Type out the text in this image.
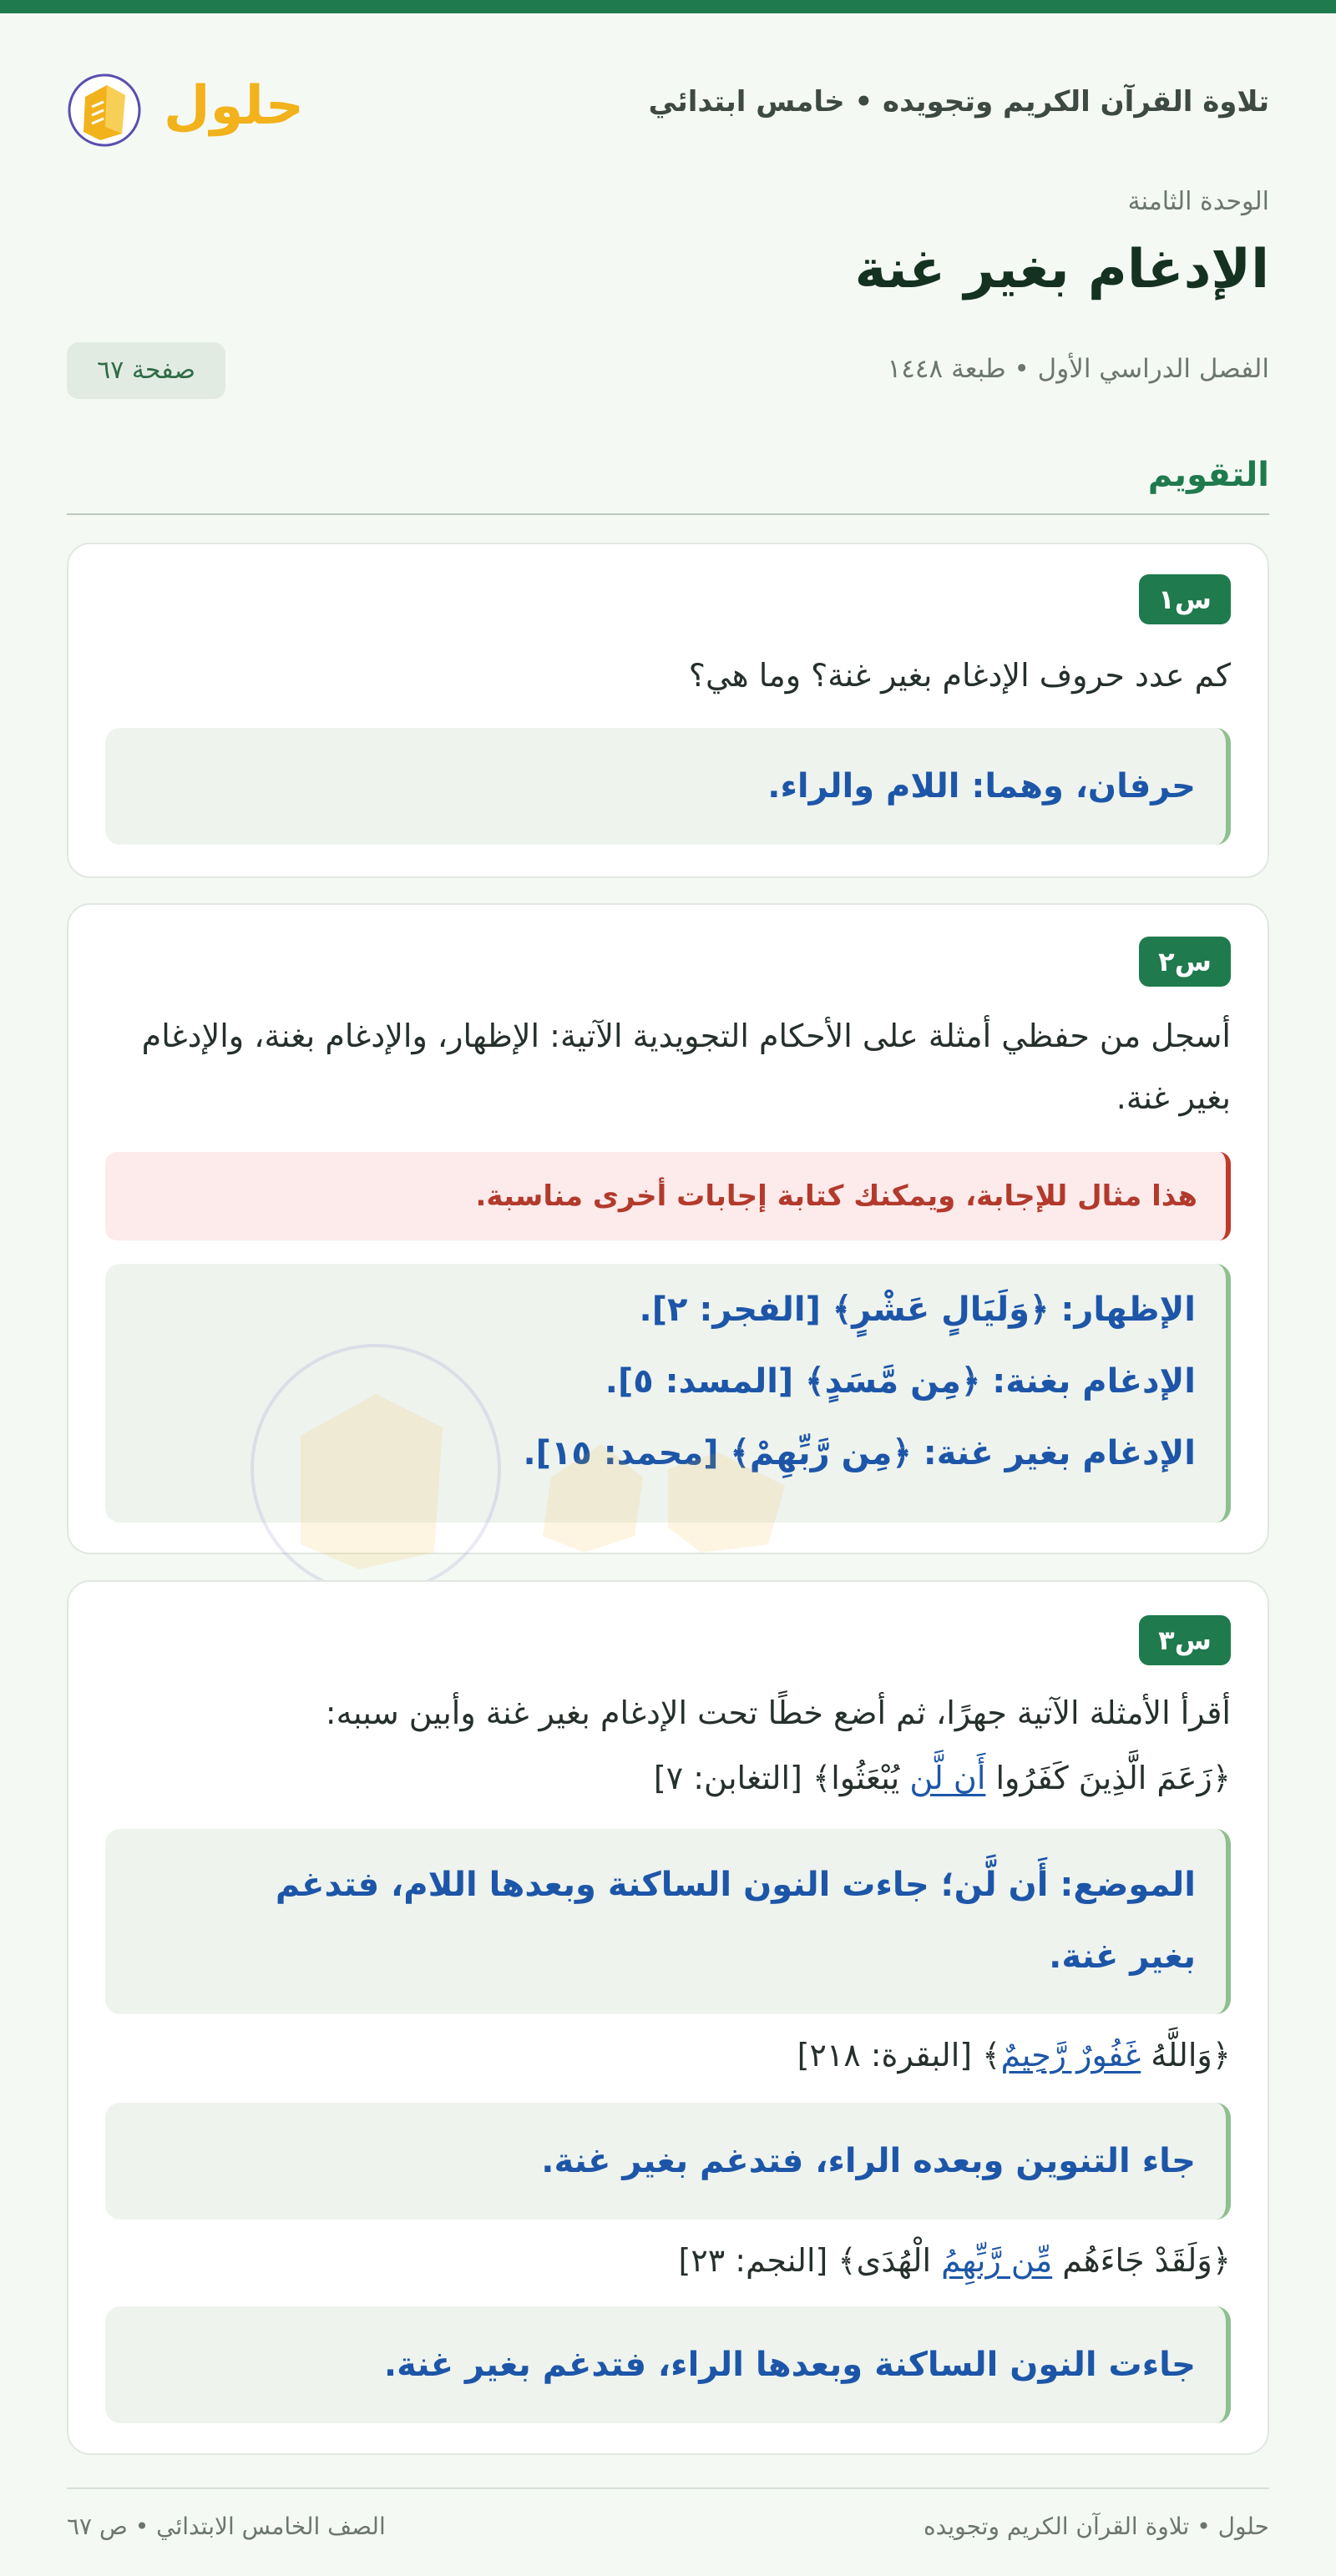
حلول	تلاوة القرآن الكريم وتجويده • خامس ابتدائي
الوحدة الثامنة
الإدغام بغير غنة
الفصل الدراسي الأول • طبعة ١٤٤٨
صفحة ٦٧
التقويم
س١
كم عدد حروف الإدغام بغير غنة؟ وما هي؟
حرفان، وهما: اللام والراء.
س٢
أسجل من حفظي أمثلة على الأحكام التجويدية الآتية: الإظهار، والإدغام بغنة، والإدغام بغير غنة.
هذا مثال للإجابة، ويمكنك كتابة إجابات أخرى مناسبة.
الإظهار: ﴿وَلَيَالٍ عَشْرٍ﴾ [الفجر: ٢].
الإدغام بغنة: ﴿مِن مَّسَدٍ﴾ [المسد: ٥].
الإدغام بغير غنة: ﴿مِن رَّبِّهِمْ﴾ [محمد: ١٥].
س٣
أقرأ الأمثلة الآتية جهرًا، ثم أضع خطًا تحت الإدغام بغير غنة وأبين سببه:
﴿زَعَمَ الَّذِينَ كَفَرُوا أَن لَّن يُبْعَثُوا﴾ [التغابن: ٧]
الموضع: أَن لَّن؛ جاءت النون الساكنة وبعدها اللام، فتدغم
بغير غنة.
﴿وَاللَّهُ غَفُورٌ رَّحِيمٌ﴾ [البقرة: ٢١٨]
جاء التنوين وبعده الراء، فتدغم بغير غنة.
﴿وَلَقَدْ جَاءَهُم مِّن رَّبِّهِمُ الْهُدَى﴾ [النجم: ٢٣]
جاءت النون الساكنة وبعدها الراء، فتدغم بغير غنة.
حلول • تلاوة القرآن الكريم وتجويده
الصف الخامس الابتدائي • ص ٦٧
